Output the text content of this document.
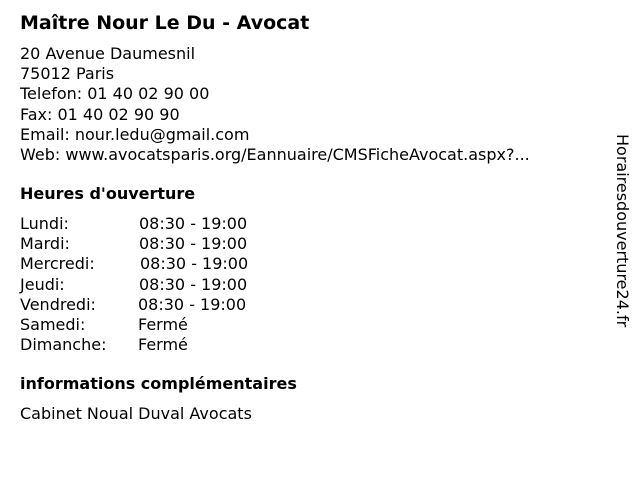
Maître Nour Le Du - Avocat
20 Avenue Daumesnil
75012 Paris
Telefon: 01 40 02 90 00
Fax: 01 40 02 90 90
Email: nour.ledu@gmail.com
Web: www.avocatsparis.org/Eannuaire/CMSFicheAvocat.aspx?...
Heures d'ouverture
Lundi:	08:30 - 19:00
Mardi:	08:30 - 19:00
Mercredi:	08:30 - 19:00
Jeudi:	08:30 - 19:00
Vendredi:	08:30 - 19:00
Samedi:	Fermé
Dimanche: Fermé
informations complémentaires
Cabinet Noual Duval Avocats
Horairesdouverture24.fr
